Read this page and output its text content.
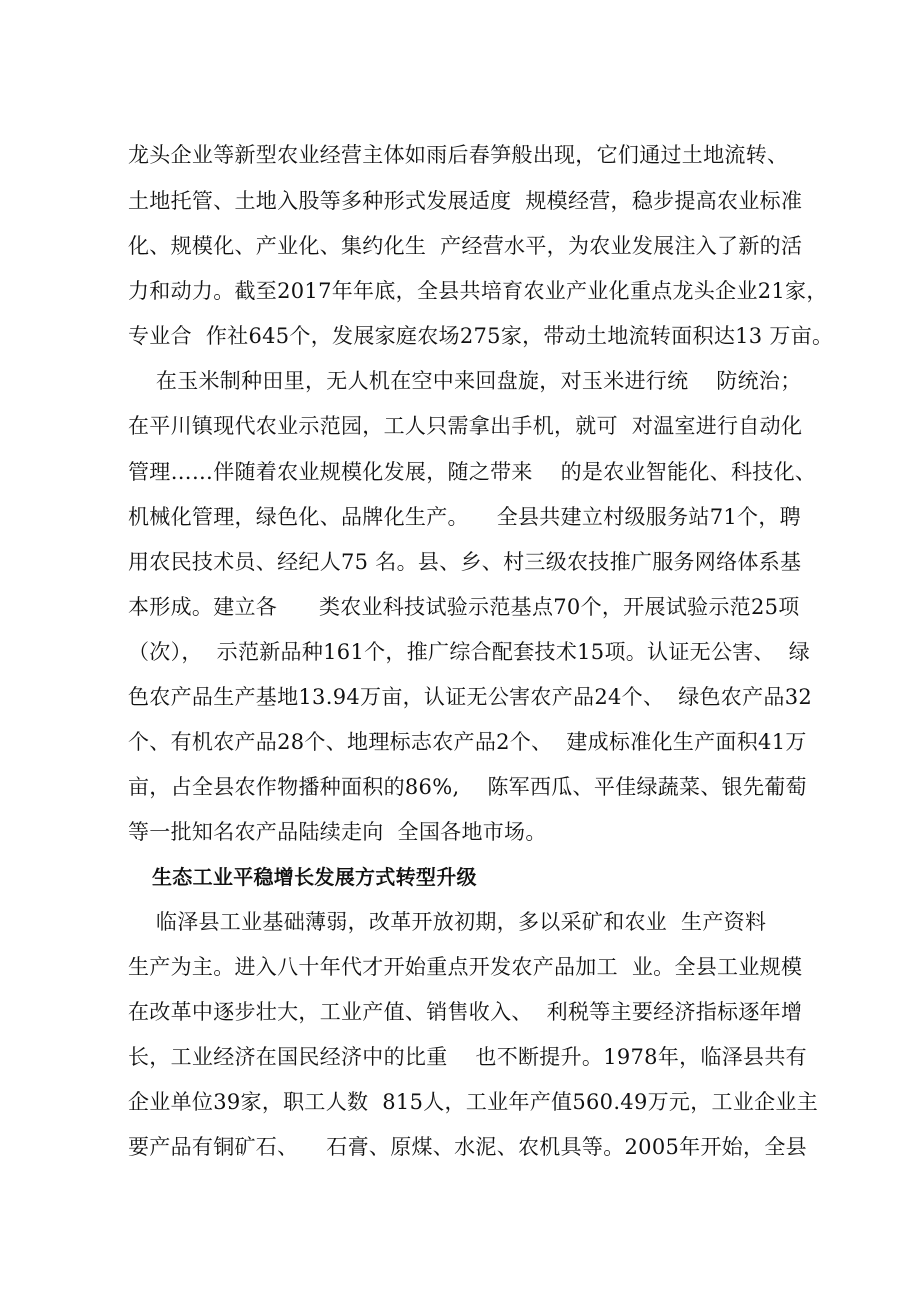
龙头企业等新型农业经营主体如雨后春笋般出现，它们通过土地流转、
土地托管、土地入股等多种形式发展适度  规模经营，稳步提高农业标准
化、规模化、产业化、集约化生  产经营水平，为农业发展注入了新的活
力和动力。截至2017年年底，全县共培育农业产业化重点龙头企业21家，
专业合  作社645个，发展家庭农场275家，带动土地流转面积达13 万亩。
在玉米制种田里，无人机在空中来回盘旋，对玉米进行统    防统治；
在平川镇现代农业示范园，工人只需拿出手机，就可  对温室进行自动化
管理……伴随着农业规模化发展，随之带来    的是农业智能化、科技化、
机械化管理，绿色化、品牌化生产。    全县共建立村级服务站71个，聘
用农民技术员、经纪人75 名。县、乡、村三级农技推广服务网络体系基
本形成。建立各      类农业科技试验示范基点70个，开展试验示范25项
（次），  示范新品种161个，推广综合配套技术15项。认证无公害、  绿
色农产品生产基地13.94万亩，认证无公害农产品24个、  绿色农产品32
个、有机农产品28个、地理标志农产品2个、  建成标准化生产面积41万
亩，占全县农作物播种面积的86%,    陈军西瓜、平佳绿蔬菜、银先葡萄
等一批知名农产品陆续走向  全国各地市场。
生态工业平稳增长发展方式转型升级
临泽县工业基础薄弱，改革开放初期，多以采矿和农业  生产资料
生产为主。进入八十年代才开始重点开发农产品加工  业。全县工业规模
在改革中逐步壮大，工业产值、销售收入、  利税等主要经济指标逐年增
长，工业经济在国民经济中的比重    也不断提升。1978年，临泽县共有
企业单位39家，职工人数  815人，工业年产值560.49万元，工业企业主
要产品有铜矿石、    石膏、原煤、水泥、农机具等。2005年开始，全县
